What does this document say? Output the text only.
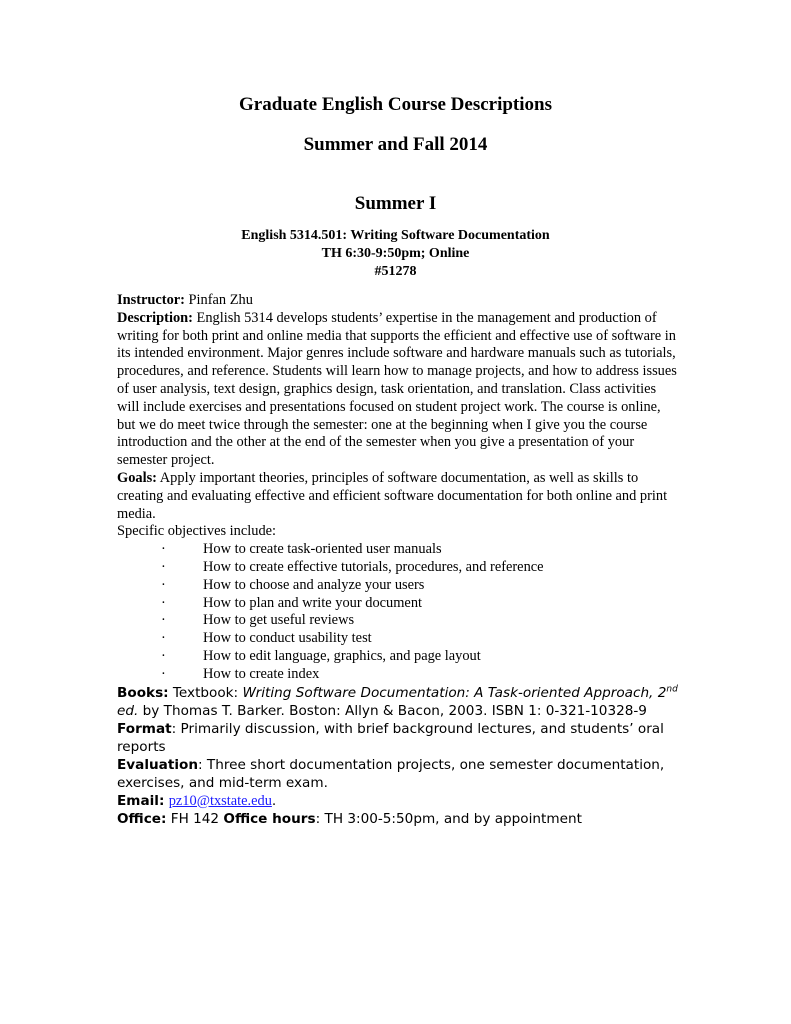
Graduate English Course Descriptions
Summer and Fall 2014
Summer I
English 5314.501: Writing Software Documentation
TH 6:30-9:50pm; Online
#51278

Instructor: Pinfan Zhu

Description: English 5314 develops students’ expertise in the management and production of writing for both print and online media that supports the efficient and effective use of software in its intended environment. Major genres include software and hardware manuals such as tutorials, procedures, and reference. Students will learn how to manage projects, and how to address issues of user analysis, text design, graphics design, task orientation, and translation. Class activities will include exercises and presentations focused on student project work. The course is online, but we do meet twice through the semester: one at the beginning when I give you the course introduction and the other at the end of the semester when you give a presentation of your semester project.

Goals: Apply important theories, principles of software documentation, as well as skills to creating and evaluating effective and efficient software documentation for both online and print media.

Specific objectives include:

·	How to create task-oriented user manuals
·	How to create effective tutorials, procedures, and reference
·	How to choose and analyze your users
·	How to plan and write your document
·	How to get useful reviews
·	How to conduct usability test
·	How to edit language, graphics, and page layout
·	How to create index

Books: Textbook: Writing Software Documentation: A Task-oriented Approach, 2nd ed. by Thomas T. Barker. Boston: Allyn & Bacon, 2003. ISBN 1: 0-321-10328-9

Format: Primarily discussion, with brief background lectures, and students’ oral reports

Evaluation: Three short documentation projects, one semester documentation, exercises, and mid-term exam.

Email: pz10@txstate.edu.

Office: FH 142 Office hours: TH 3:00-5:50pm, and by appointment
